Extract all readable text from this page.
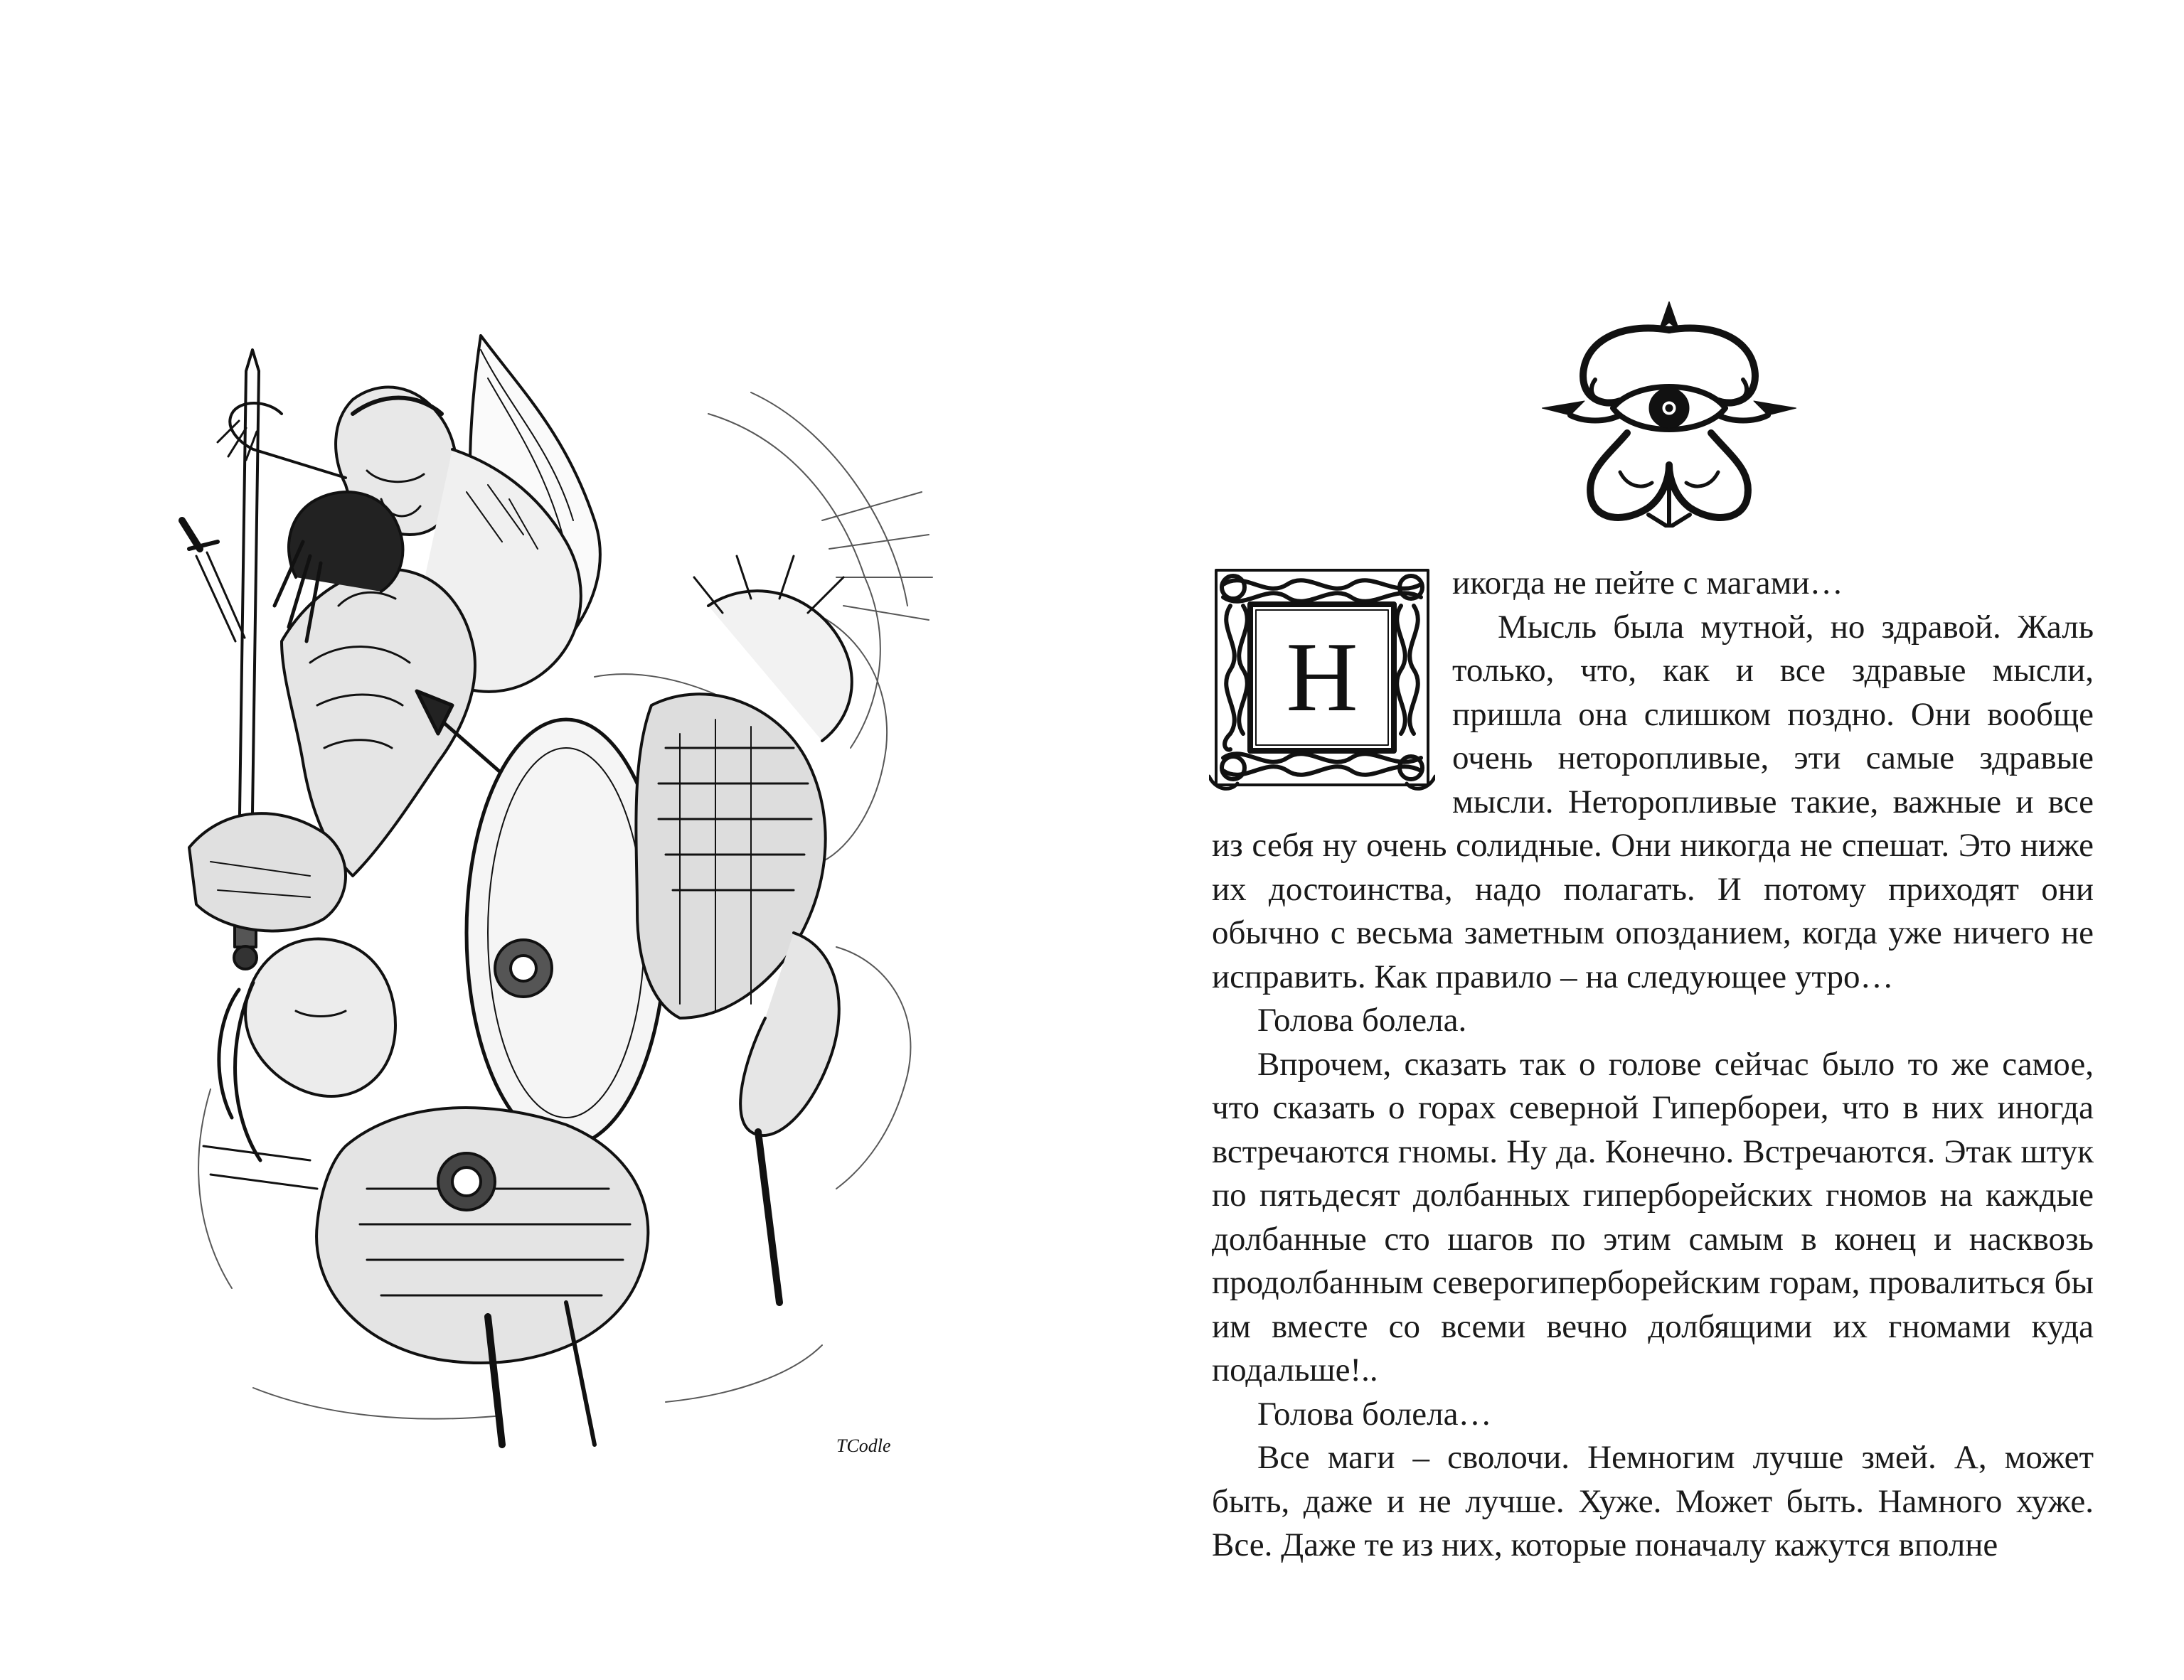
TCodle
Н

икогда не пейте с магами…

Мысль была мутной, но здравой. Жаль только, что, как и все здравые мысли, пришла она слишком поздно. Они вообще очень неторопливые, эти самые здравые мысли. Неторопливые такие, важные и все из себя ну очень солидные. Они никогда не спешат. Это ниже их достоинства, надо полагать. И потому приходят они обычно с весьма заметным опозданием, когда уже ничего не исправить. Как правило – на следующее утро…

Голова болела.

Впрочем, сказать так о голове сейчас было то же самое, что сказать о горах северной Гипербореи, что в них иногда встречаются гномы. Ну да. Конечно. Встречаются. Этак штук по пятьдесят долбанных гиперборейских гномов на каждые долбанные сто шагов по этим самым в конец и насквозь продолбанным северогиперборейским горам, провалиться бы им вместе со всеми вечно долбящими их гномами куда подальше!..

Голова болела…

Все маги – сволочи. Немногим лучше змей. А, может быть, даже и не лучше. Хуже. Может быть. Намного хуже. Все. Даже те из них, которые поначалу кажутся вполне
